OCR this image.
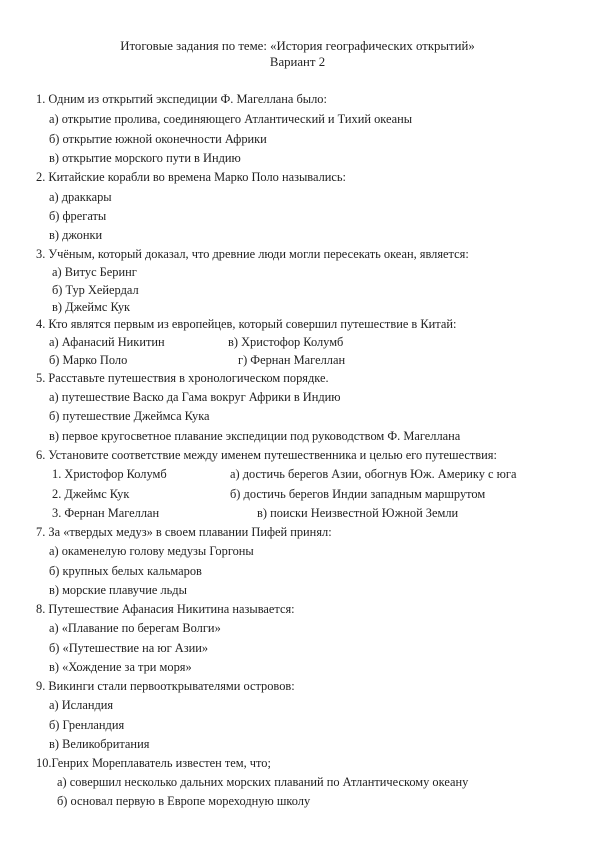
Итоговые задания по теме: «История географических открытий»
Вариант 2
1. Одним из открытий экспедиции Ф. Магеллана было:
а) открытие пролива, соединяющего Атлантический и Тихий океаны
б) открытие южной оконечности Африки
в) открытие морского пути в Индию
2. Китайские корабли во времена Марко Поло назывались:
а) драккары
б) фрегаты
в) джонки
3. Учёным, который доказал, что древние люди могли пересекать океан, является:
а) Витус Беринг
б) Тур Хейердал
в) Джеймс Кук
4. Кто являтся первым из европейцев, который совершил путешествие в Китай:
а) Афанасий Никитин	в) Христофор Колумб
б) Марко Поло	г) Фернан Магеллан
5. Расставьте путешествия в хронологическом порядке.
а) путешествие Васко да Гама вокруг Африки в Индию
б) путешествие Джеймса Кука
в) первое кругосветное плавание экспедиции под руководством Ф. Магеллана
6. Установите соответствие между именем путешественника и целью его путешествия:
1. Христофор Колумб	а) достичь берегов Азии, обогнув Юж. Америку с юга
2. Джеймс Кук	б) достичь берегов Индии западным маршрутом
3. Фернан Магеллан	в) поиски Неизвестной Южной Земли
7. За «твердых медуз» в своем плавании Пифей принял:
а) окаменелую голову медузы Горгоны
б) крупных белых кальмаров
в) морские плавучие льды
8. Путешествие Афанасия Никитина называется:
а) «Плавание по берегам Волги»
б) «Путешествие на юг Азии»
в) «Хождение за три моря»
9. Викинги стали первооткрывателями островов:
а) Исландия
б) Гренландия
в) Великобритания
10.Генрих Мореплаватель известен тем, что;
а) совершил несколько дальних морских плаваний по Атлантическому океану
б) основал первую в Европе мореходную школу
